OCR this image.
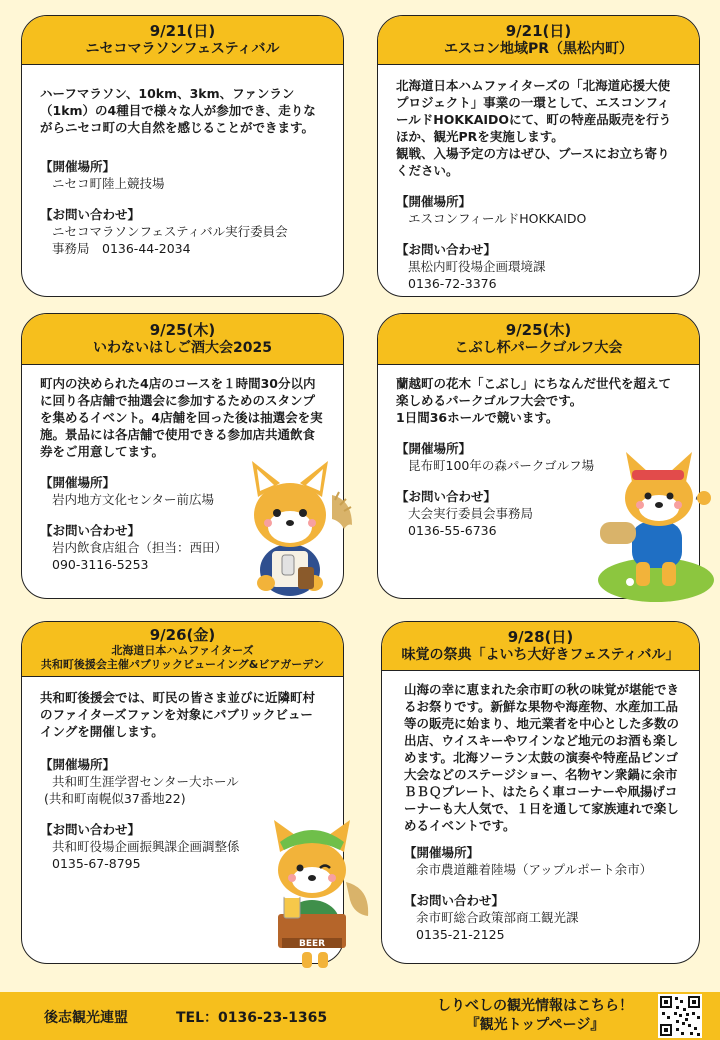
9/21(日)
ニセコマラソンフェスティバル
ハーフマラソン、10km、3km、ファンラン（1km）の4種目で様々な人が参加でき、走りながらニセコ町の大自然を感じることができます。
【開催場所】
ニセコ町陸上競技場
【お問い合わせ】
ニセコマラソンフェスティバル実行委員会
事務局　0136-44-2034
9/21(日)
エスコン地域PR（黒松内町）
北海道日本ハムファイターズの「北海道応援大使プロジェクト」事業の一環として、エスコンフィールドHOKKAIDOにて、町の特産品販売を行うほか、観光PRを実施します。
観戦、入場予定の方はぜひ、ブースにお立ち寄りください。
【開催場所】
エスコンフィールドHOKKAIDO
【お問い合わせ】
黒松内町役場企画環境課
0136-72-3376
9/25(木)
いわないはしご酒大会2025
町内の決められた4店のコースを１時間30分以内に回り各店舗で抽選会に参加するためのスタンプを集めるイベント。4店舗を回った後は抽選会を実施。景品には各店舗で使用できる参加店共通飲食券をご用意してます。
【開催場所】
岩内地方文化センター前広場
【お問い合わせ】
岩内飲食店組合（担当：西田）
090-3116-5253
9/25(木)
こぶし杯パークゴルフ大会
蘭越町の花木「こぶし」にちなんだ世代を超えて楽しめるパークゴルフ大会です。
1日間36ホールで競います。
【開催場所】
昆布町100年の森パークゴルフ場
【お問い合わせ】
大会実行委員会事務局
0136-55-6736
9/26(金)
北海道日本ハムファイターズ
共和町後援会主催パブリックビューイング&ビアガーデン
共和町後援会では、町民の皆さま並びに近隣町村のファイターズファンを対象にパブリックビューイングを開催します。
【開催場所】
共和町生涯学習センター大ホール
(共和町南幌似37番地22)
【お問い合わせ】
共和町役場企画振興課企画調整係
0135-67-8795
9/28(日)
味覚の祭典「よいち大好きフェスティバル」
山海の幸に恵まれた余市町の秋の味覚が堪能できるお祭りです。新鮮な果物や海産物、水産加工品等の販売に始まり、地元業者を中心とした多数の出店、ウイスキーやワインなど地元のお酒も楽しめます。北海ソーラン太鼓の演奏や特産品ビンゴ大会などのステージショー、名物ヤン衆鍋に余市ＢＢＱプレート、はたらく車コーナーや凧揚げコーナーも大人気で、１日を通して家族連れで楽しめるイベントです。
【開催場所】
余市農道離着陸場（アップルポート余市）
【お問い合わせ】
余市町総合政策部商工観光課
0135-21-2125
BEER
後志観光連盟	TEL：0136-23-1365
しりべしの観光情報はこちら！
『観光トップページ』
